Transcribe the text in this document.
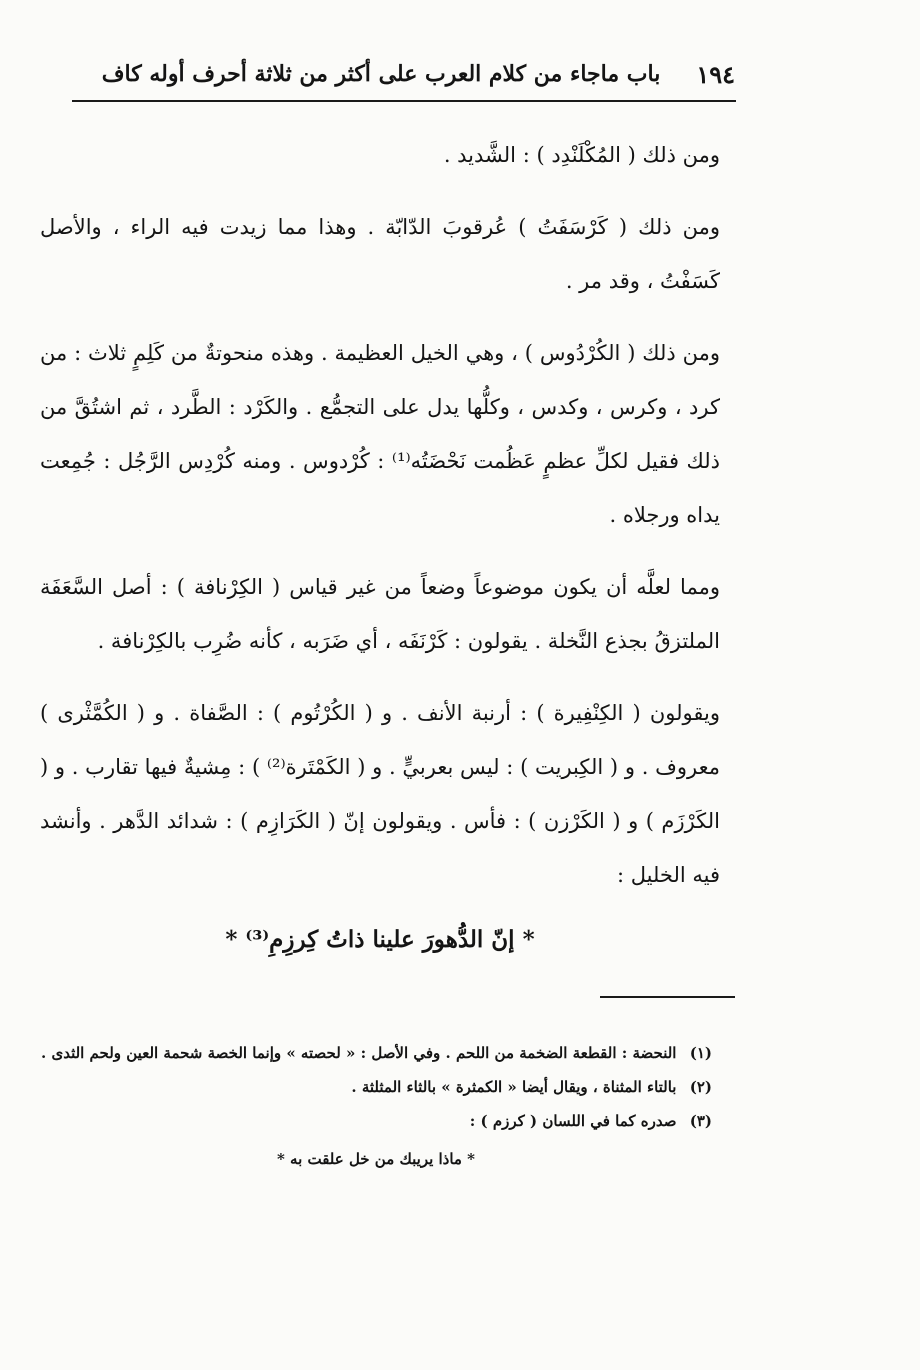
١٩٤
باب ماجاء من كلام العرب على أكثر من ثلاثة أحرف أوله كاف

ومن ذلك ( المُكْلَنْدِد ) : الشَّديد .

ومن ذلك ( كَرْسَفَتُ ) عُرقوبَ الدّابّة . وهذا مما زيدت فيه الراء ، والأصل كَسَفْتُ ، وقد مر .

ومن ذلك ( الكُرْدُوس ) ، وهي الخيل العظيمة . وهذه منحوتةٌ من كَلِمٍ ثلاث : من كرد ، وكرس ، وكدس ، وكلُّها يدل على التجمُّع . والكَرْد : الطَّرد ، ثم اشتُقَّ من ذلك فقيل لكلِّ عظمٍ عَظُمت نَحْضَتُه⁽¹⁾ : كُرْدوس . ومنه كُرْدِس الرَّجُل : جُمِعت يداه ورجلاه .

ومما لعلَّه أن يكون موضوعاً وضعاً من غير قياس ( الكِرْنافة ) : أصل السَّعَفَة الملتزقُ بجذع النَّخلة . يقولون : كَرْنَفَه ، أي ضَرَبه ، كأنه ضُرِب بالكِرْنافة .

ويقولون ( الكِنْفِيرة ) : أرنبة الأنف . و ( الكُرْتُوم ) : الصَّفاة . و ( الكُمَّثْرى ) معروف . و ( الكِبريت ) : ليس بعربيٍّ . و ( الكَمْتَرة⁽²⁾ ) : مِشيةٌ فيها تقارب . و ( الكَرْزَم ) و ( الكَرْزن ) : فأس . ويقولون إنّ ( الكَرَازِم ) : شدائد الدَّهر . وأنشد فيه الخليل :

* إنّ الدُّهورَ علينا ذاتُ كِرزِمِ⁽³⁾ *

(١) النحضة : القطعة الضخمة من اللحم . وفي الأصل : « لحصته » وإنما الخصة شحمة العين ولحم الثدى .

(٢) بالتاء المثناة ، ويقال أيضا « الكمثرة » بالثاء المثلثة .

(٣) صدره كما في اللسان ( كرزم ) :

* ماذا يريبك من خل علقت به *
